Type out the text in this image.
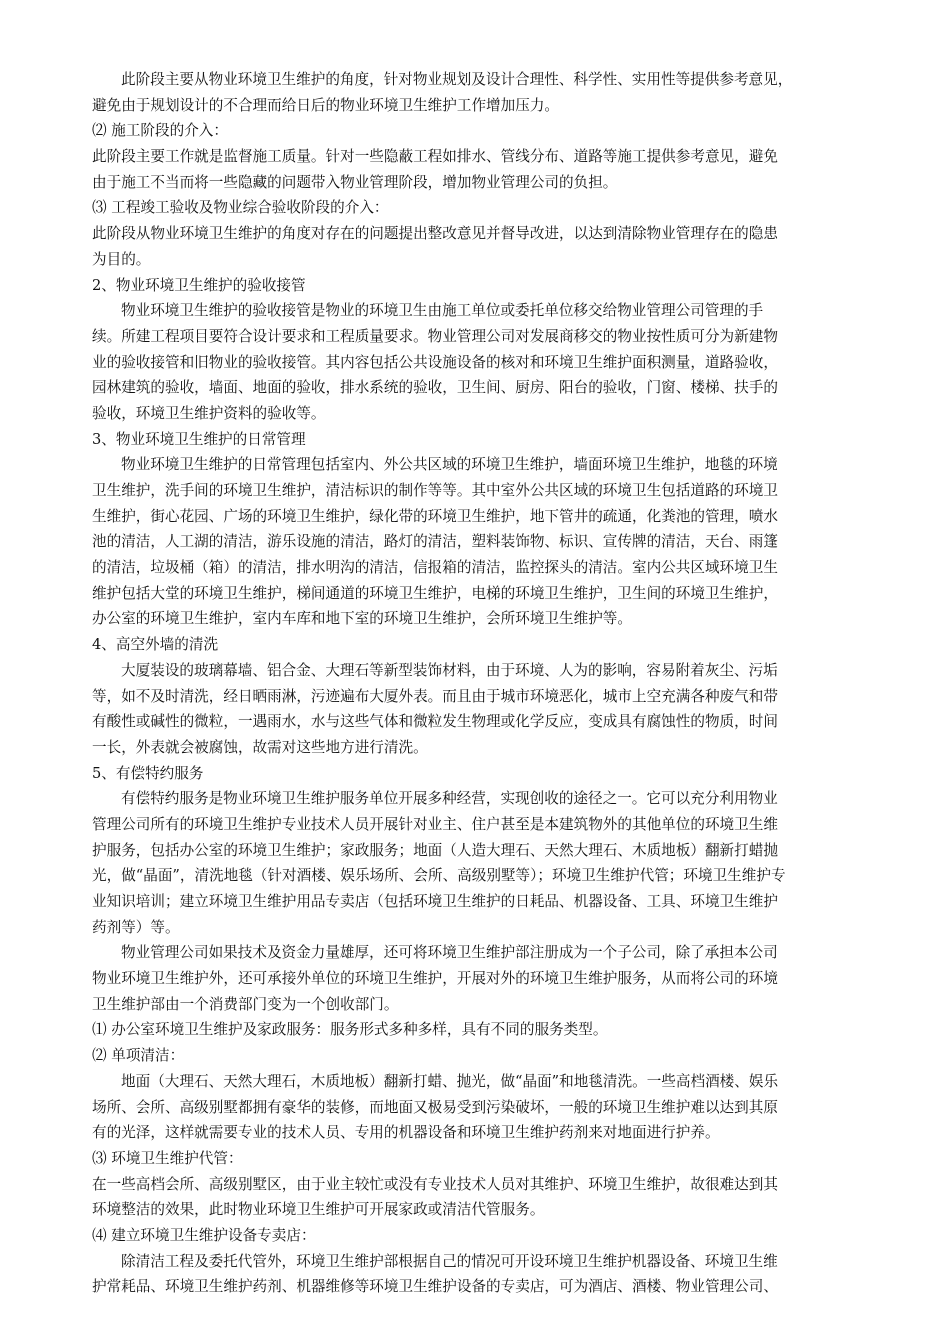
此阶段主要从物业环境卫生维护的角度，针对物业规划及设计合理性、科学性、实用性等提供参考意见，
避免由于规划设计的不合理而给日后的物业环境卫生维护工作增加压力。
⑵ 施工阶段的介入：
此阶段主要工作就是监督施工质量。针对一些隐蔽工程如排水、管线分布、道路等施工提供参考意见，避免
由于施工不当而将一些隐藏的问题带入物业管理阶段，增加物业管理公司的负担。
⑶ 工程竣工验收及物业综合验收阶段的介入：
此阶段从物业环境卫生维护的角度对存在的问题提出整改意见并督导改进，以达到清除物业管理存在的隐患
为目的。
2、物业环境卫生维护的验收接管
物业环境卫生维护的验收接管是物业的环境卫生由施工单位或委托单位移交给物业管理公司管理的手
续。所建工程项目要符合设计要求和工程质量要求。物业管理公司对发展商移交的物业按性质可分为新建物
业的验收接管和旧物业的验收接管。其内容包括公共设施设备的核对和环境卫生维护面积测量，道路验收，
园林建筑的验收，墙面、地面的验收，排水系统的验收，卫生间、厨房、阳台的验收，门窗、楼梯、扶手的
验收，环境卫生维护资料的验收等。
3、物业环境卫生维护的日常管理
物业环境卫生维护的日常管理包括室内、外公共区域的环境卫生维护，墙面环境卫生维护，地毯的环境
卫生维护，洗手间的环境卫生维护，清洁标识的制作等等。其中室外公共区域的环境卫生包括道路的环境卫
生维护，街心花园、广场的环境卫生维护，绿化带的环境卫生维护，地下管井的疏通，化粪池的管理，喷水
池的清洁，人工湖的清洁，游乐设施的清洁，路灯的清洁，塑料装饰物、标识、宣传牌的清洁，天台、雨篷
的清洁，垃圾桶（箱）的清洁，排水明沟的清洁，信报箱的清洁，监控探头的清洁。室内公共区域环境卫生
维护包括大堂的环境卫生维护，梯间通道的环境卫生维护，电梯的环境卫生维护，卫生间的环境卫生维护，
办公室的环境卫生维护，室内车库和地下室的环境卫生维护，会所环境卫生维护等。
4、高空外墙的清洗
大厦装设的玻璃幕墙、铝合金、大理石等新型装饰材料，由于环境、人为的影响，容易附着灰尘、污垢
等，如不及时清洗，经日晒雨淋，污迹遍布大厦外表。而且由于城市环境恶化，城市上空充满各种废气和带
有酸性或碱性的微粒，一遇雨水，水与这些气体和微粒发生物理或化学反应，变成具有腐蚀性的物质，时间
一长，外表就会被腐蚀，故需对这些地方进行清洗。
5、有偿特约服务
有偿特约服务是物业环境卫生维护服务单位开展多种经营，实现创收的途径之一。它可以充分利用物业
管理公司所有的环境卫生维护专业技术人员开展针对业主、住户甚至是本建筑物外的其他单位的环境卫生维
护服务，包括办公室的环境卫生维护；家政服务；地面（人造大理石、天然大理石、木质地板）翻新打蜡抛
光，做“晶面”，清洗地毯（针对酒楼、娱乐场所、会所、高级别墅等）；环境卫生维护代管；环境卫生维护专
业知识培训；建立环境卫生维护用品专卖店（包括环境卫生维护的日耗品、机器设备、工具、环境卫生维护
药剂等）等。
物业管理公司如果技术及资金力量雄厚，还可将环境卫生维护部注册成为一个子公司，除了承担本公司
物业环境卫生维护外，还可承接外单位的环境卫生维护，开展对外的环境卫生维护服务，从而将公司的环境
卫生维护部由一个消费部门变为一个创收部门。
⑴ 办公室环境卫生维护及家政服务：服务形式多种多样，具有不同的服务类型。
⑵ 单项清洁：
地面（大理石、天然大理石，木质地板）翻新打蜡、抛光，做“晶面”和地毯清洗。一些高档酒楼、娱乐
场所、会所、高级别墅都拥有豪华的装修，而地面又极易受到污染破坏，一般的环境卫生维护难以达到其原
有的光泽，这样就需要专业的技术人员、专用的机器设备和环境卫生维护药剂来对地面进行护养。
⑶ 环境卫生维护代管：
在一些高档会所、高级别墅区，由于业主较忙或没有专业技术人员对其维护、环境卫生维护，故很难达到其
环境整洁的效果，此时物业环境卫生维护可开展家政或清洁代管服务。
⑷ 建立环境卫生维护设备专卖店：
除清洁工程及委托代管外，环境卫生维护部根据自己的情况可开设环境卫生维护机器设备、环境卫生维
护常耗品、环境卫生维护药剂、机器维修等环境卫生维护设备的专卖店，可为酒店、酒楼、物业管理公司、
